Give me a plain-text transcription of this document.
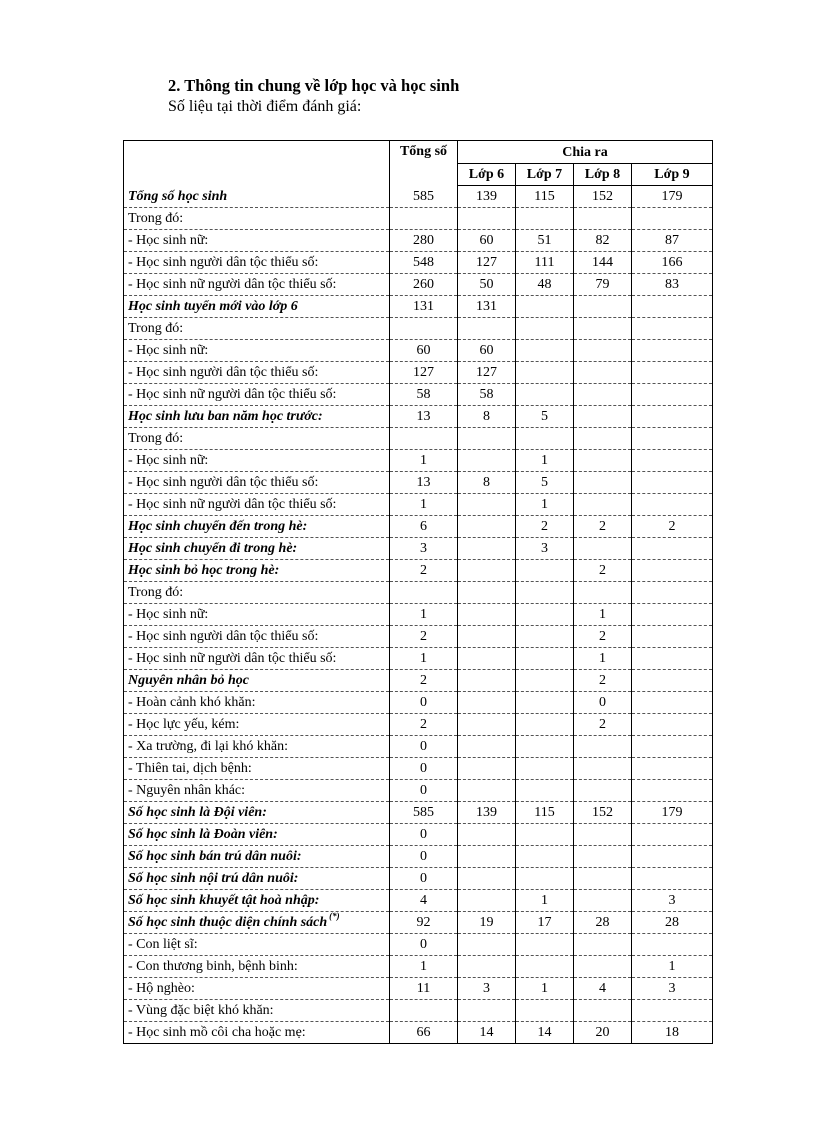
2. Thông tin chung về lớp học và học sinh

Số liệu tại thời điểm đánh giá:

	Tổng số	Chia ra			
		Lớp 6	Lớp 7	Lớp 8	Lớp 9
Tổng số học sinh	585	139	115	152	179
Trong đó:					
- Học sinh nữ:	280	60	51	82	87
- Học sinh người dân tộc thiểu số:	548	127	111	144	166
- Học sinh nữ người dân tộc thiểu số:	260	50	48	79	83
Học sinh tuyển mới vào lớp 6	131	131			
Trong đó:					
- Học sinh nữ:	60	60			
- Học sinh người dân tộc thiểu số:	127	127			
- Học sinh nữ người dân tộc thiểu số:	58	58			
Học sinh lưu ban năm học trước:	13	8	5		
Trong đó:					
- Học sinh nữ:	1		1		
- Học sinh người dân tộc thiểu số:	13	8	5		
- Học sinh nữ người dân tộc thiểu số:	1		1		
Học sinh chuyển đến trong hè:	6		2	2	2
Học sinh chuyển đi trong hè:	3		3		
Học sinh bỏ học trong hè:	2			2	
Trong đó:					
- Học sinh nữ:	1			1	
- Học sinh người dân tộc thiểu số:	2			2	
- Học sinh nữ người dân tộc thiểu số:	1			1	
Nguyên nhân bỏ học	2			2	
- Hoàn cảnh khó khăn:	0			0	
- Học lực yếu, kém:	2			2	
- Xa trường, đi lại khó khăn:	0				
- Thiên tai, dịch bệnh:	0				
- Nguyên nhân khác:	0				
Số học sinh là Đội viên:	585	139	115	152	179
Số học sinh là Đoàn viên:	0				
Số học sinh bán trú dân nuôi:	0				
Số học sinh nội trú dân nuôi:	0				
Số học sinh khuyết tật hoà nhập:	4		1		3
Số học sinh thuộc diện chính sách (*)	92	19	17	28	28
- Con liệt sĩ:	0				
- Con thương binh, bệnh binh:	1				1
- Hộ nghèo:	11	3	1	4	3
- Vùng đặc biệt khó khăn:					
- Học sinh mồ côi cha hoặc mẹ:	66	14	14	20	18
